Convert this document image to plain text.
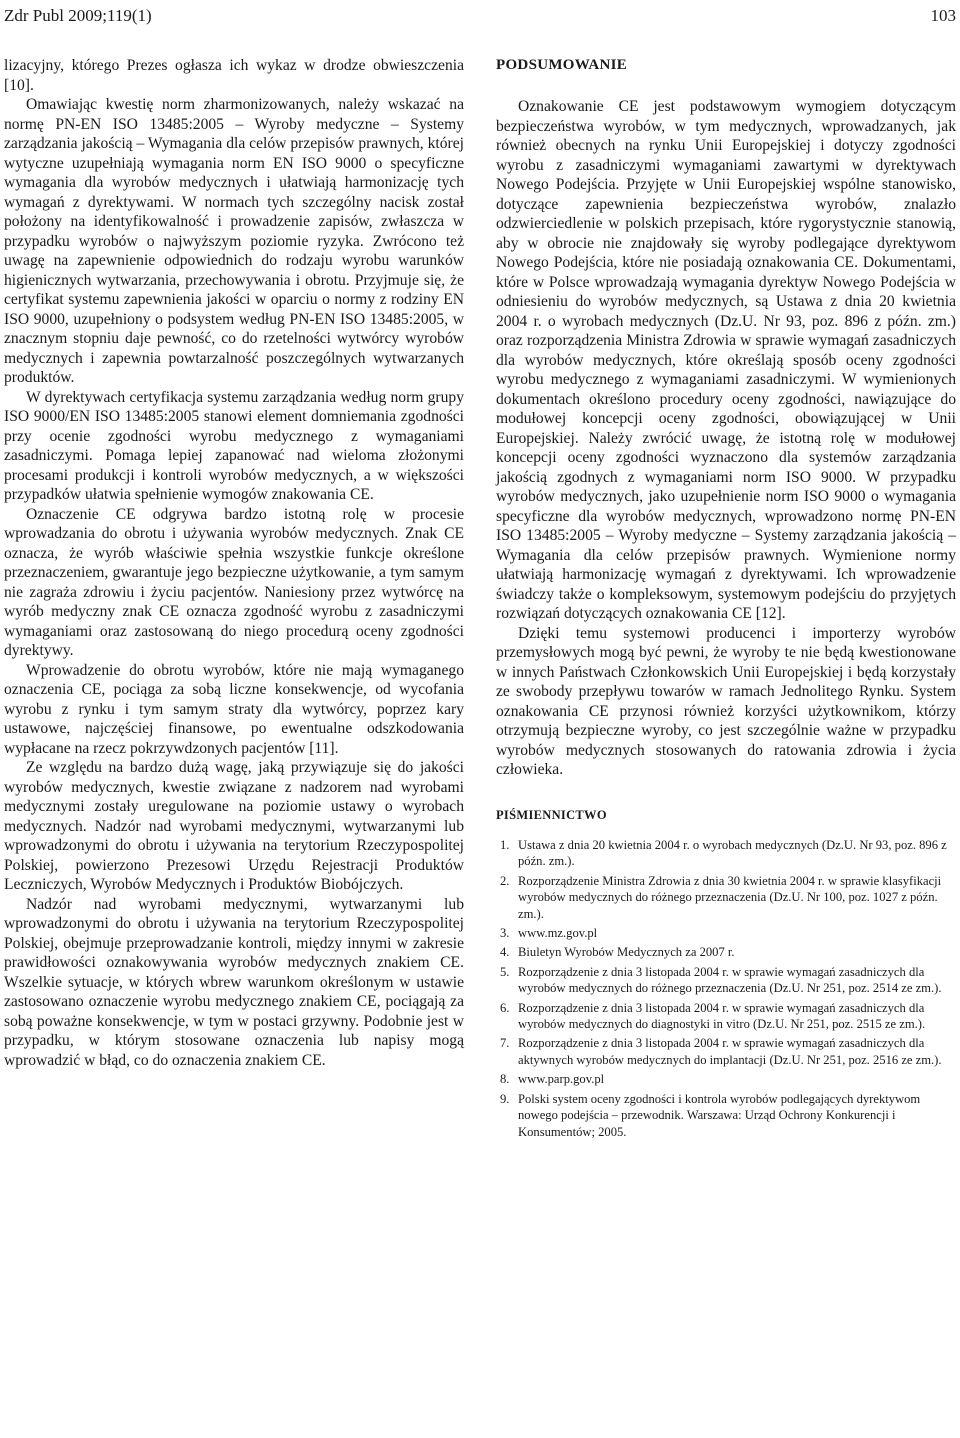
Zdr Publ 2009;119(1)	103

lizacyjny, którego Prezes ogłasza ich wykaz w drodze obwieszczenia [10].

Omawiając kwestię norm zharmonizowanych, należy wskazać na normę PN-EN ISO 13485:2005 – Wyroby medyczne – Systemy zarządzania jakością – Wymagania dla celów przepisów prawnych, której wytyczne uzupełniają wymagania norm EN ISO 9000 o specyficzne wymagania dla wyrobów medycznych i ułatwiają harmonizację tych wymagań z dyrektywami. W normach tych szczególny nacisk został położony na identyfikowalność i prowadzenie zapisów, zwłaszcza w przypadku wyrobów o najwyższym poziomie ryzyka. Zwrócono też uwagę na zapewnienie odpowiednich do rodzaju wyrobu warunków higienicznych wytwarzania, przechowywania i obrotu. Przyjmuje się, że certyfikat systemu zapewnienia jakości w oparciu o normy z rodziny EN ISO 9000, uzupełniony o podsystem według PN-EN ISO 13485:2005, w znacznym stopniu daje pewność, co do rzetelności wytwórcy wyrobów medycznych i zapewnia powtarzalność poszczególnych wytwarzanych produktów.

W dyrektywach certyfikacja systemu zarządzania według norm grupy ISO 9000/EN ISO 13485:2005 stanowi element domniemania zgodności przy ocenie zgodności wyrobu medycznego z wymaganiami zasadniczymi. Pomaga lepiej zapanować nad wieloma złożonymi procesami produkcji i kontroli wyrobów medycznych, a w większości przypadków ułatwia spełnienie wymogów znakowania CE.

Oznaczenie CE odgrywa bardzo istotną rolę w procesie wprowadzania do obrotu i używania wyrobów medycznych. Znak CE oznacza, że wyrób właściwie spełnia wszystkie funkcje określone przeznaczeniem, gwarantuje jego bezpieczne użytkowanie, a tym samym nie zagraża zdrowiu i życiu pacjentów. Naniesiony przez wytwórcę na wyrób medyczny znak CE oznacza zgodność wyrobu z zasadniczymi wymaganiami oraz zastosowaną do niego procedurą oceny zgodności dyrektywy.

Wprowadzenie do obrotu wyrobów, które nie mają wymaganego oznaczenia CE, pociąga za sobą liczne konsekwencje, od wycofania wyrobu z rynku i tym samym straty dla wytwórcy, poprzez kary ustawowe, najczęściej finansowe, po ewentualne odszkodowania wypłacane na rzecz pokrzywdzonych pacjentów [11].

Ze względu na bardzo dużą wagę, jaką przywiązuje się do jakości wyrobów medycznych, kwestie związane z nadzorem nad wyrobami medycznymi zostały uregulowane na poziomie ustawy o wyrobach medycznych. Nadzór nad wyrobami medycznymi, wytwarzanymi lub wprowadzonymi do obrotu i używania na terytorium Rzeczypospolitej Polskiej, powierzono Prezesowi Urzędu Rejestracji Produktów Leczniczych, Wyrobów Medycznych i Produktów Biobójczych.

Nadzór nad wyrobami medycznymi, wytwarzanymi lub wprowadzonymi do obrotu i używania na terytorium Rzeczypospolitej Polskiej, obejmuje przeprowadzanie kontroli, między innymi w zakresie prawidłowości oznakowywania wyrobów medycznych znakiem CE. Wszelkie sytuacje, w których wbrew warunkom określonym w ustawie zastosowano oznaczenie wyrobu medycznego znakiem CE, pociągają za sobą poważne konsekwencje, w tym w postaci grzywny. Podobnie jest w przypadku, w którym stosowane oznaczenia lub napisy mogą wprowadzić w błąd, co do oznaczenia znakiem CE.

PODSUMOWANIE

Oznakowanie CE jest podstawowym wymogiem dotyczącym bezpieczeństwa wyrobów, w tym medycznych, wprowadzanych, jak również obecnych na rynku Unii Europejskiej i dotyczy zgodności wyrobu z zasadniczymi wymaganiami zawartymi w dyrektywach Nowego Podejścia. Przyjęte w Unii Europejskiej wspólne stanowisko, dotyczące zapewnienia bezpieczeństwa wyrobów, znalazło odzwierciedlenie w polskich przepisach, które rygorystycznie stanowią, aby w obrocie nie znajdowały się wyroby podlegające dyrektywom Nowego Podejścia, które nie posiadają oznakowania CE. Dokumentami, które w Polsce wprowadzają wymagania dyrektyw Nowego Podejścia w odniesieniu do wyrobów medycznych, są Ustawa z dnia 20 kwietnia 2004 r. o wyrobach medycznych (Dz.U. Nr 93, poz. 896 z późn. zm.) oraz rozporządzenia Ministra Zdrowia w sprawie wymagań zasadniczych dla wyrobów medycznych, które określają sposób oceny zgodności wyrobu medycznego z wymaganiami zasadniczymi. W wymienionych dokumentach określono procedury oceny zgodności, nawiązujące do modułowej koncepcji oceny zgodności, obowiązującej w Unii Europejskiej. Należy zwrócić uwagę, że istotną rolę w modułowej koncepcji oceny zgodności wyznaczono dla systemów zarządzania jakością zgodnych z wymaganiami norm ISO 9000. W przypadku wyrobów medycznych, jako uzupełnienie norm ISO 9000 o wymagania specyficzne dla wyrobów medycznych, wprowadzono normę PN-EN ISO 13485:2005 – Wyroby medyczne – Systemy zarządzania jakością – Wymagania dla celów przepisów prawnych. Wymienione normy ułatwiają harmonizację wymagań z dyrektywami. Ich wprowadzenie świadczy także o kompleksowym, systemowym podejściu do przyjętych rozwiązań dotyczących oznakowania CE [12].

Dzięki temu systemowi producenci i importerzy wyrobów przemysłowych mogą być pewni, że wyroby te nie będą kwestionowane w innych Państwach Członkowskich Unii Europejskiej i będą korzystały ze swobody przepływu towarów w ramach Jednolitego Rynku. System oznakowania CE przynosi również korzyści użytkownikom, którzy otrzymują bezpieczne wyroby, co jest szczególnie ważne w przypadku wyrobów medycznych stosowanych do ratowania zdrowia i życia człowieka.

PIŚMIENNICTWO
1. Ustawa z dnia 20 kwietnia 2004 r. o wyrobach medycznych (Dz.U. Nr 93, poz. 896 z późn. zm.).
2. Rozporządzenie Ministra Zdrowia z dnia 30 kwietnia 2004 r. w sprawie klasyfikacji wyrobów medycznych do różnego przeznaczenia (Dz.U. Nr 100, poz. 1027 z późn. zm.).
3. www.mz.gov.pl
4. Biuletyn Wyrobów Medycznych za 2007 r.
5. Rozporządzenie z dnia 3 listopada 2004 r. w sprawie wymagań zasadniczych dla wyrobów medycznych do różnego przeznaczenia (Dz.U. Nr 251, poz. 2514 ze zm.).
6. Rozporządzenie z dnia 3 listopada 2004 r. w sprawie wymagań zasadniczych dla wyrobów medycznych do diagnostyki in vitro (Dz.U. Nr 251, poz. 2515 ze zm.).
7. Rozporządzenie z dnia 3 listopada 2004 r. w sprawie wymagań zasadniczych dla aktywnych wyrobów medycznych do implantacji (Dz.U. Nr 251, poz. 2516 ze zm.).
8. www.parp.gov.pl
9. Polski system oceny zgodności i kontrola wyrobów podlegających dyrektywom nowego podejścia – przewodnik. Warszawa: Urząd Ochrony Konkurencji i Konsumentów; 2005.
